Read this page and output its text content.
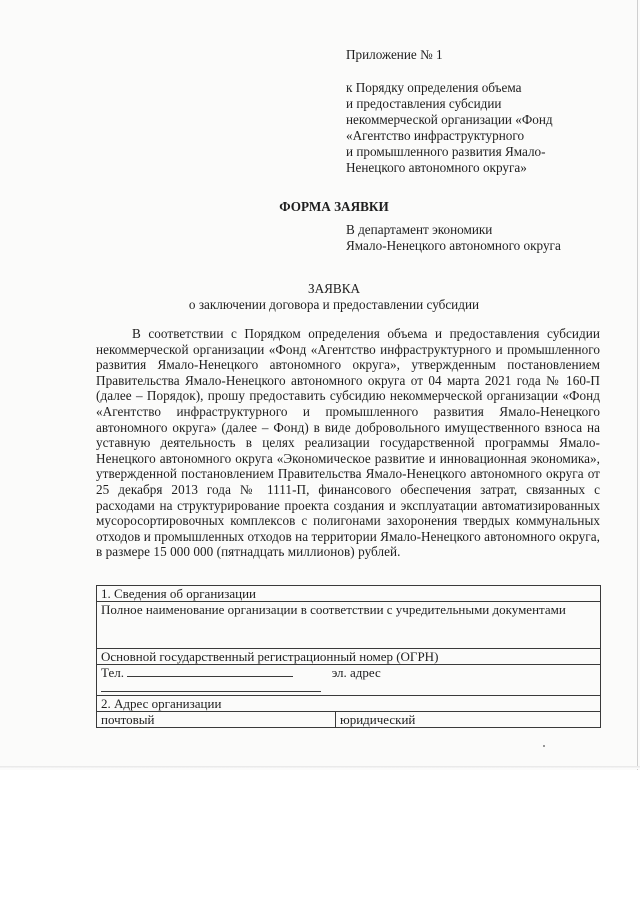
Приложение № 1
к Порядку определения объема
и предоставления субсидии
некоммерческой организации «Фонд
«Агентство инфраструктурного
и промышленного развития Ямало-
Ненецкого автономного округа»
ФОРМА ЗАЯВКИ
В департамент экономики
Ямало-Ненецкого автономного округа
ЗАЯВКА
о заключении договора и предоставлении субсидии
В соответствии с Порядком определения объема и предоставления субсидии некоммерческой организации «Фонд «Агентство инфраструктурного и промышленного развития Ямало-Ненецкого автономного округа», утвержденным постановлением Правительства Ямало-Ненецкого автономного округа от 04 марта 2021 года № 160-П (далее – Порядок), прошу предоставить субсидию некоммерческой организации «Фонд «Агентство инфраструктурного и промышленного развития Ямало-Ненецкого автономного округа» (далее – Фонд) в виде добровольного имущественного взноса на уставную деятельность в целях реализации государственной программы Ямало-Ненецкого автономного округа «Экономическое развитие и инновационная экономика», утвержденной постановлением Правительства Ямало-Ненецкого автономного округа от 25 декабря 2013 года № 1111-П, финансового обеспечения затрат, связанных с расходами на структурирование проекта создания и эксплуатации автоматизированных мусоросортировочных комплексов с полигонами захоронения твердых коммунальных отходов и промышленных отходов на территории Ямало-Ненецкого автономного округа, в размере 15 000 000 (пятнадцать миллионов) рублей.
1. Сведения об организации
Полное наименование организации в соответствии с учредительными документами
Основной государственный регистрационный номер (ОГРН)
Тел.	эл. адрес
2. Адрес организации
почтовый	юридический
